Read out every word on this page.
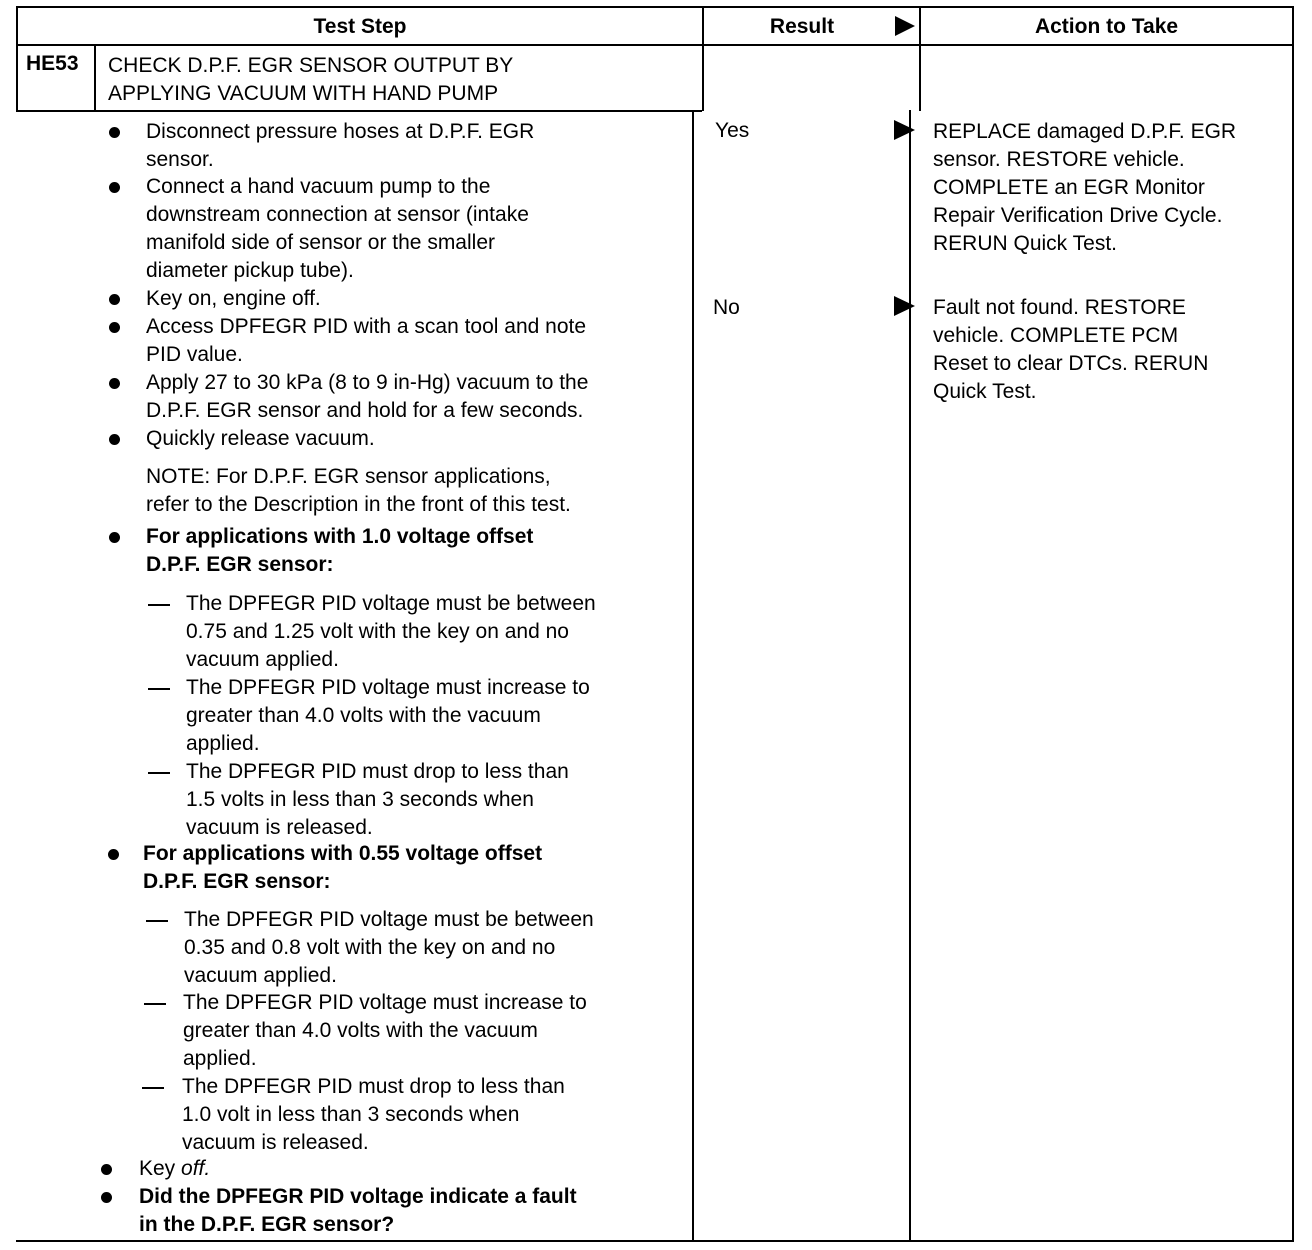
Test Step	Result	Action to Take
HE53 CHECK D.P.F. EGR SENSOR OUTPUT BY
APPLYING VACUUM WITH HAND PUMP
Disconnect pressure hoses at D.P.F. EGR
sensor.
Connect a hand vacuum pump to the
downstream connection at sensor (intake
manifold side of sensor or the smaller
diameter pickup tube).
Key on, engine off.
Access DPFEGR PID with a scan tool and note
PID value.
Apply 27 to 30 kPa (8 to 9 in-Hg) vacuum to the
D.P.F. EGR sensor and hold for a few seconds.
Quickly release vacuum.
NOTE: For D.P.F. EGR sensor applications,
refer to the Description in the front of this test.
For applications with 1.0 voltage offset
D.P.F. EGR sensor:
The DPFEGR PID voltage must be between
0.75 and 1.25 volt with the key on and no
vacuum applied.
The DPFEGR PID voltage must increase to
greater than 4.0 volts with the vacuum
applied.
The DPFEGR PID must drop to less than
1.5 volts in less than 3 seconds when
vacuum is released.
For applications with 0.55 voltage offset
D.P.F. EGR sensor:
The DPFEGR PID voltage must be between
0.35 and 0.8 volt with the key on and no
vacuum applied.
The DPFEGR PID voltage must increase to
greater than 4.0 volts with the vacuum
applied.
The DPFEGR PID must drop to less than
1.0 volt in less than 3 seconds when
vacuum is released.
Key off.
Did the DPFEGR PID voltage indicate a fault
in the D.P.F. EGR sensor?
Yes	REPLACE damaged D.P.F. EGR
sensor. RESTORE vehicle.
COMPLETE an EGR Monitor
Repair Verification Drive Cycle.
RERUN Quick Test.
No	Fault not found. RESTORE
vehicle. COMPLETE PCM
Reset to clear DTCs. RERUN
Quick Test.
